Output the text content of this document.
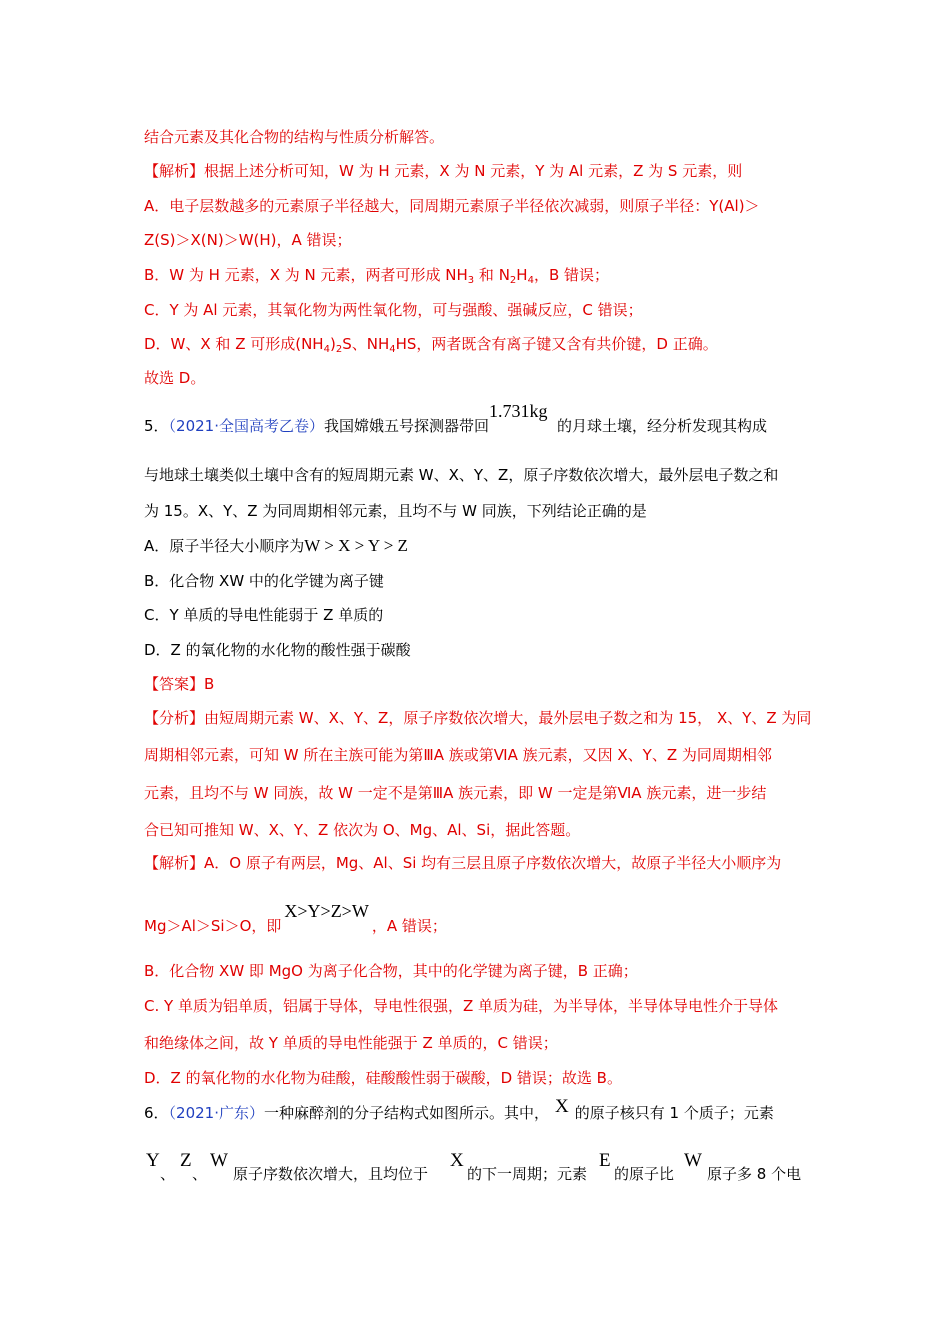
结合元素及其化合物的结构与性质分析解答。
【解析】根据上述分析可知，W 为 H 元素，X 为 N 元素，Y 为 Al 元素，Z 为 S 元素，则
A．电子层数越多的元素原子半径越大，同周期元素原子半径依次减弱，则原子半径：Y(Al)＞
Z(S)＞X(N)＞W(H)，A 错误；
B．W 为 H 元素，X 为 N 元素，两者可形成 $NH_3$ 和 $N_2H_4$，B 错误；
C．Y 为 Al 元素，其氧化物为两性氧化物，可与强酸、强碱反应，C 错误；
D．W、X 和 Z 可形成$(NH_4)_2S$、$NH_4HS$，两者既含有离子键又含有共价键，D 正确。
故选 D。
5．（2021·全国高考乙卷）我国嫦娥五号探测器带回1.731kg的月球土壤，经分析发现其构成
与地球土壤类似土壤中含有的短周期元素 W、X、Y、Z，原子序数依次增大，最外层电子数之和
为 15。X、Y、Z 为同周期相邻元素，且均不与 W 同族，下列结论正确的是
A．原子半径大小顺序为W > X > Y > Z
B．化合物 XW 中的化学键为离子键
C．Y 单质的导电性能弱于 Z 单质的
D．Z 的氧化物的水化物的酸性强于碳酸
【答案】B
【分析】由短周期元素 W、X、Y、Z，原子序数依次增大，最外层电子数之和为 15， X、Y、Z 为同
周期相邻元素，可知 W 所在主族可能为第ⅢA 族或第ⅥA 族元素，又因 X、Y、Z 为同周期相邻
元素，且均不与 W 同族，故 W 一定不是第ⅢA 族元素，即 W 一定是第ⅥA 族元素，进一步结
合已知可推知 W、X、Y、Z 依次为 O、Mg、Al、Si，据此答题。
【解析】A．O 原子有两层，Mg、Al、Si 均有三层且原子序数依次增大，故原子半径大小顺序为
Mg＞Al＞Si＞O，即X>Y>Z>W，A 错误；
B．化合物 XW 即 MgO 为离子化合物，其中的化学键为离子键，B 正确；
C. Y 单质为铝单质，铝属于导体，导电性很强，Z 单质为硅，为半导体，半导体导电性介于导体
和绝缘体之间，故 Y 单质的导电性能强于 Z 单质的，C 错误；
D．Z 的氧化物的水化物为硅酸，硅酸酸性弱于碳酸，D 错误；故选 B。
6．（2021·广东）一种麻醉剂的分子结构式如图所示。其中， X 的原子核只有 1 个质子；元素
Y
、
Z
、
W
原子序数依次增大，且均位于
X
的下一周期；元素
E
的原子比
W
原子多 8 个电
